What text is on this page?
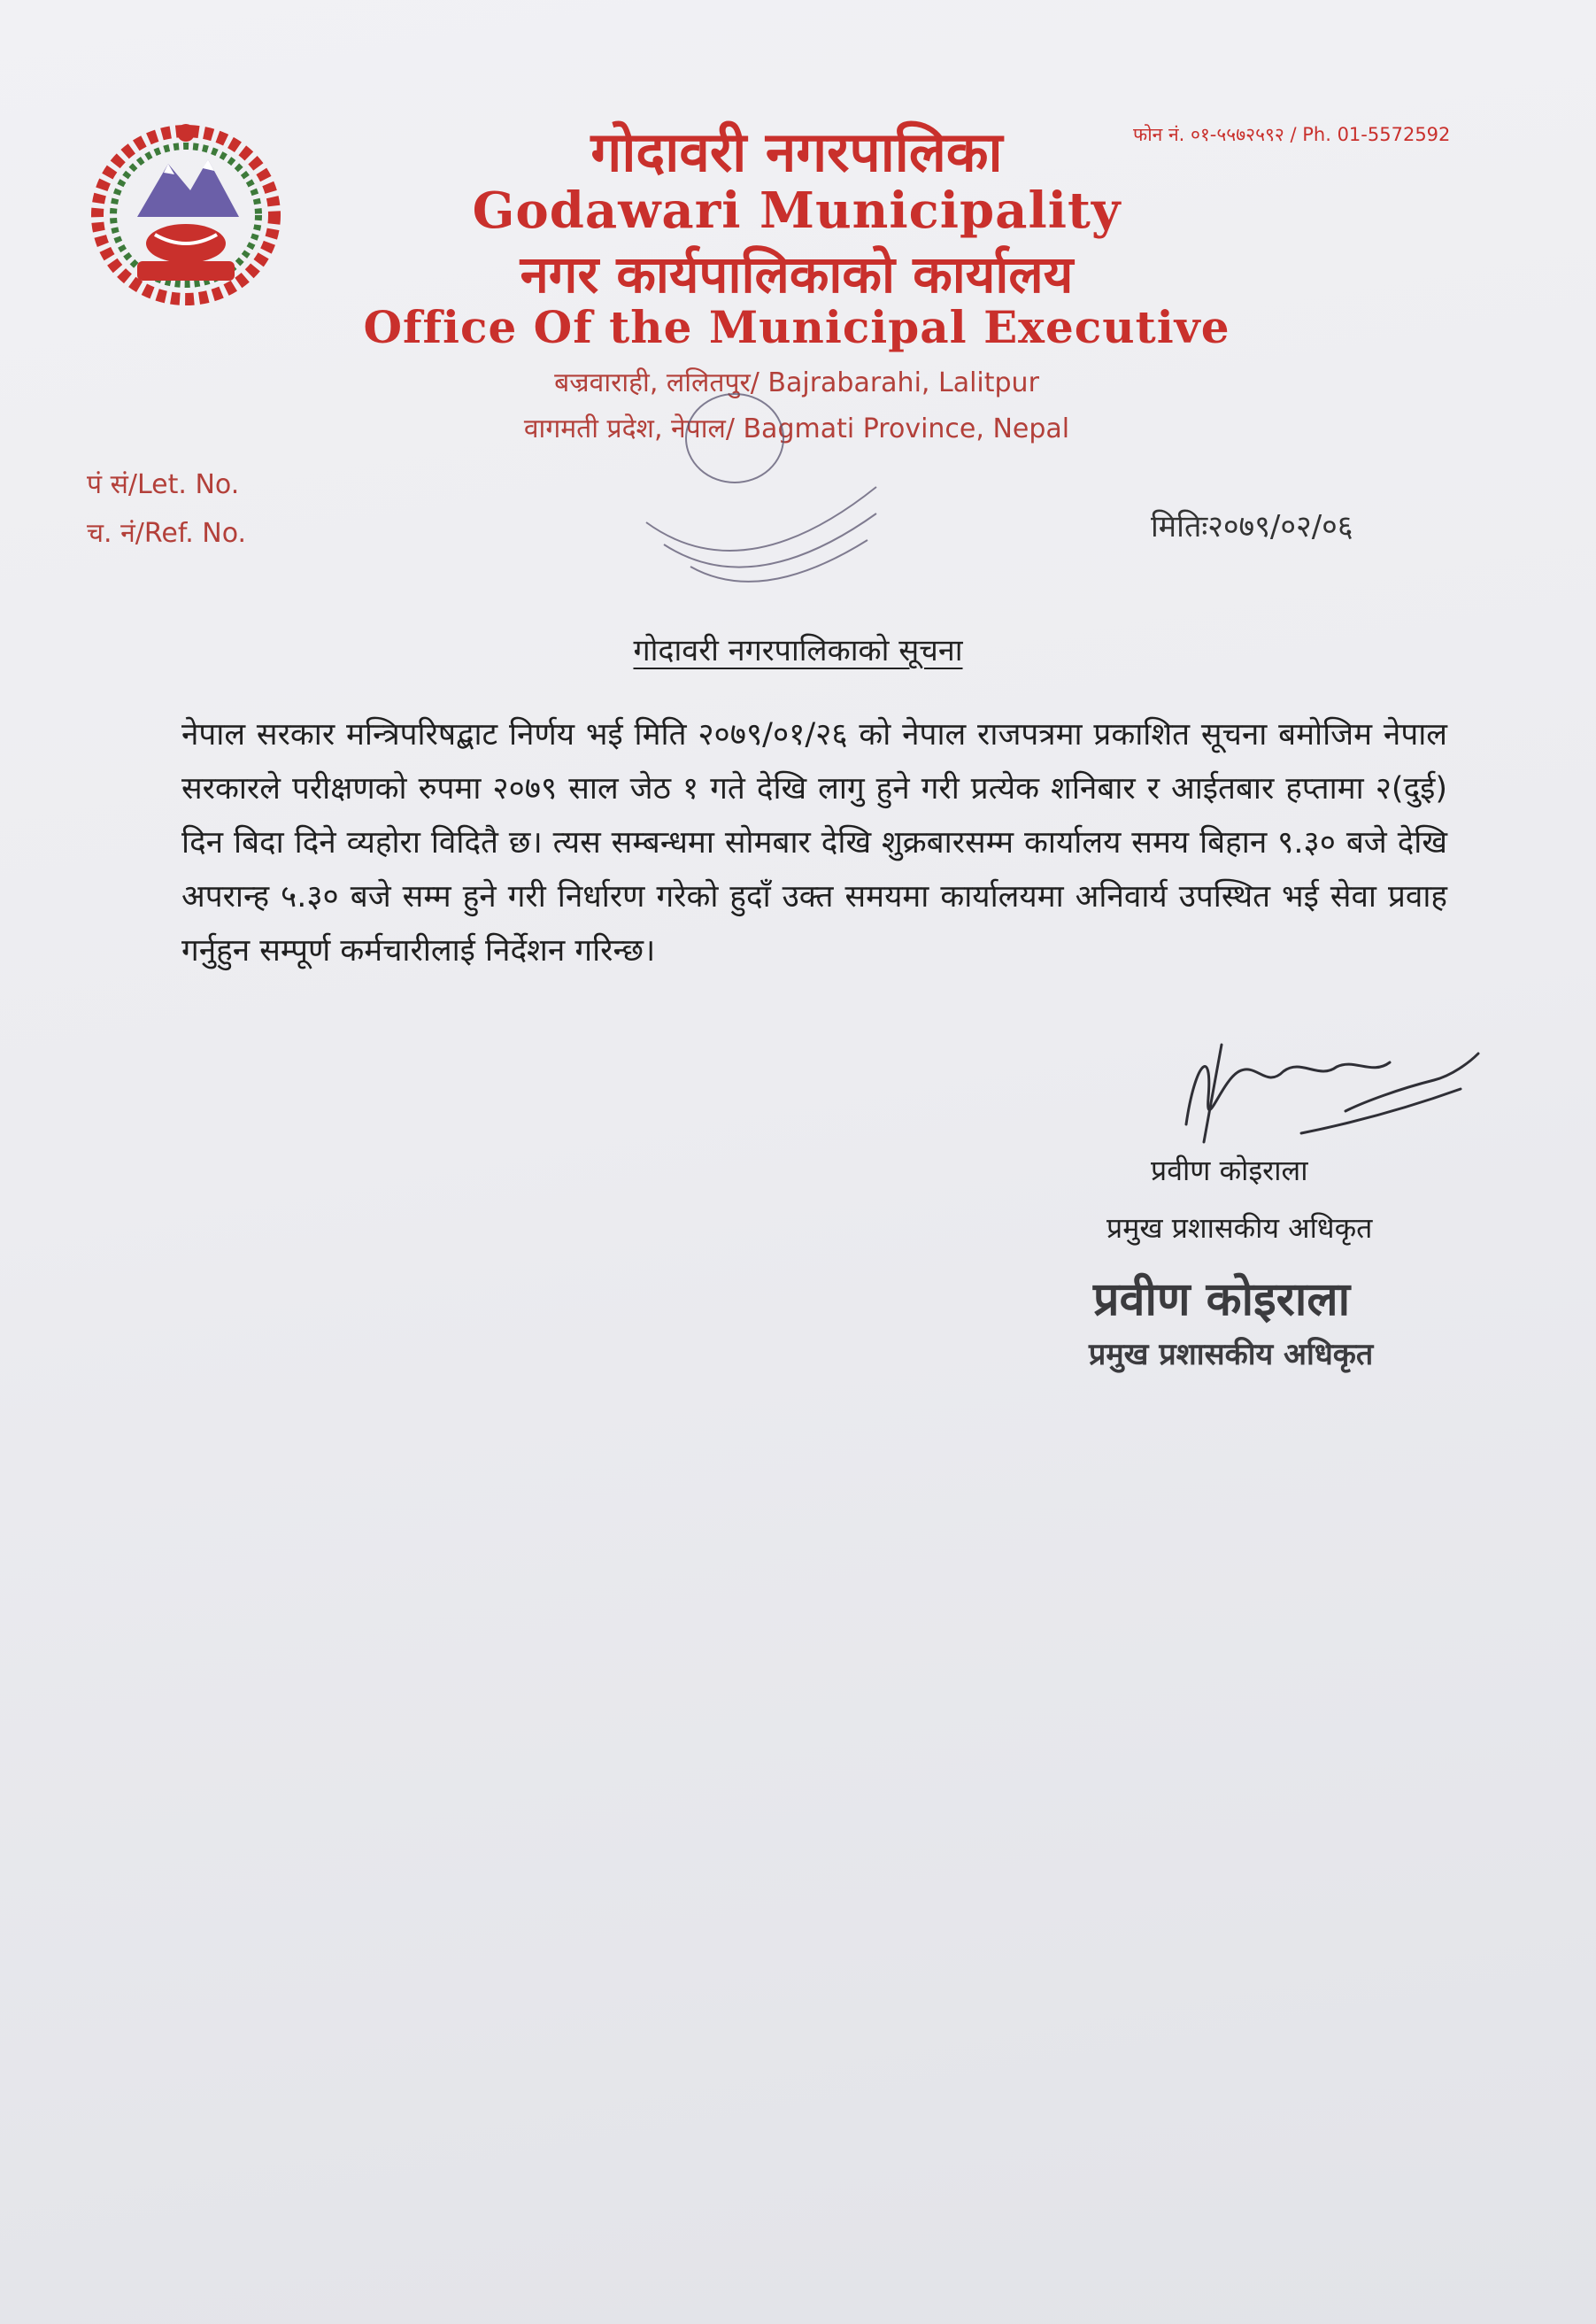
फोन नं. ०१-५५७२५९२ / Ph. 01-5572592
गोदावरी नगरपालिका
Godawari Municipality
नगर कार्यपालिकाको कार्यालय
Office Of the Municipal Executive
बज्रवाराही, ललितपुर/ Bajrabarahi, Lalitpur
वागमती प्रदेश, नेपाल/ Bagmati Province, Nepal
पं सं/Let. No.
च. नं/Ref. No.	मितिः२०७९/०२/०६
गोदावरी नगरपालिकाको सूचना

नेपाल सरकार मन्त्रिपरिषद्बाट निर्णय भई मिति २०७९/०१/२६ को नेपाल राजपत्रमा प्रकाशित सूचना बमोजिम नेपाल सरकारले परीक्षणको रुपमा २०७९ साल जेठ १ गते देखि लागु हुने गरी प्रत्येक शनिबार र आईतबार हप्तामा २(दुई) दिन बिदा दिने व्यहोरा विदितै छ। त्यस सम्बन्धमा सोमबार देखि शुक्रबारसम्म कार्यालय समय बिहान ९.३० बजे देखि अपरान्ह ५.३० बजे सम्म हुने गरी निर्धारण गरेको हुदाँ उक्त समयमा कार्यालयमा अनिवार्य उपस्थित भई सेवा प्रवाह गर्नुहुन सम्पूर्ण कर्मचारीलाई निर्देशन गरिन्छ।

प्रवीण कोइराला
प्रमुख प्रशासकीय अधिकृत
प्रवीण कोइराला
प्रमुख प्रशासकीय अधिकृत
